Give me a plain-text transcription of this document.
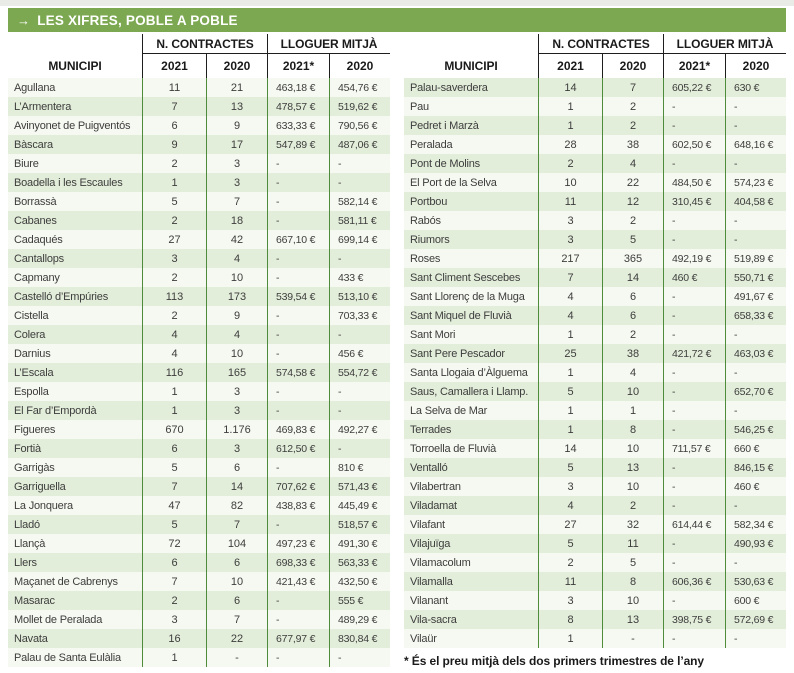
→ LES XIFRES, POBLE A POBLE
MUNICIPI
N. CONTRACTES	LLOGUER MITJÀ
2021	2020	2021*	2020
Agullana	11	21	463,18 €	454,76 €
L’Armentera	7	13	478,57 €	519,62 €
Avinyonet de Puigventós	6	9	633,33 €	790,56 €
Bàscara	9	17	547,89 €	487,06 €
Biure	2	3	-	-
Boadella i les Escaules	1	3	-	-
Borrassà	5	7	-	582,14 €
Cabanes	2	18	-	581,11 €
Cadaqués	27	42	667,10 €	699,14 €
Cantallops	3	4	-	-
Capmany	2	10	-	433 €
Castelló d’Empúries	113	173	539,54 €	513,10 €
Cistella	2	9	-	703,33 €
Colera	4	4	-	-
Darnius	4	10	-	456 €
L’Escala	116	165	574,58 €	554,72 €
Espolla	1	3	-	-
El Far d’Empordà	1	3	-	-
Figueres	670	1.176	469,83 €	492,27 €
Fortià	6	3	612,50 €	-
Garrigàs	5	6	-	810 €
Garriguella	7	14	707,62 €	571,43 €
La Jonquera	47	82	438,83 €	445,49 €
Lladó	5	7	-	518,57 €
Llançà	72	104	497,23 €	491,30 €
Llers	6	6	698,33 €	563,33 €
Maçanet de Cabrenys	7	10	421,43 €	432,50 €
Masarac	2	6	-	555 €
Mollet de Peralada	3	7	-	489,29 €
Navata	16	22	677,97 €	830,84 €
Palau de Santa Eulàlia	1	-	-	-
MUNICIPI
N. CONTRACTES	LLOGUER MITJÀ
2021	2020	2021*	2020
Palau-saverdera	14	7	605,22 €	630 €
Pau	1	2	-	-
Pedret i Marzà	1	2	-	-
Peralada	28	38	602,50 €	648,16 €
Pont de Molins	2	4	-	-
El Port de la Selva	10	22	484,50 €	574,23 €
Portbou	11	12	310,45 €	404,58 €
Rabós	3	2	-	-
Riumors	3	5	-	-
Roses	217	365	492,19 €	519,89 €
Sant Climent Sescebes	7	14	460 €	550,71 €
Sant Llorenç de la Muga	4	6	-	491,67 €
Sant Miquel de Fluvià	4	6	-	658,33 €
Sant Mori	1	2	-	-
Sant Pere Pescador	25	38	421,72 €	463,03 €
Santa Llogaia d’Àlguema	1	4	-	-
Saus, Camallera i Llamp.	5	10	-	652,70 €
La Selva de Mar	1	1	-	-
Terrades	1	8	-	546,25 €
Torroella de Fluvià	14	10	711,57 €	660 €
Ventalló	5	13	-	846,15 €
Vilabertran	3	10	-	460 €
Viladamat	4	2	-	-
Vilafant	27	32	614,44 €	582,34 €
Vilajuïga	5	11	-	490,93 €
Vilamacolum	2	5	-	-
Vilamalla	11	8	606,36 €	530,63 €
Vilanant	3	10	-	600 €
Vila-sacra	8	13	398,75 €	572,69 €
Vilaür	1	-	-	-

* És el preu mitjà dels dos primers trimestres de l’any
